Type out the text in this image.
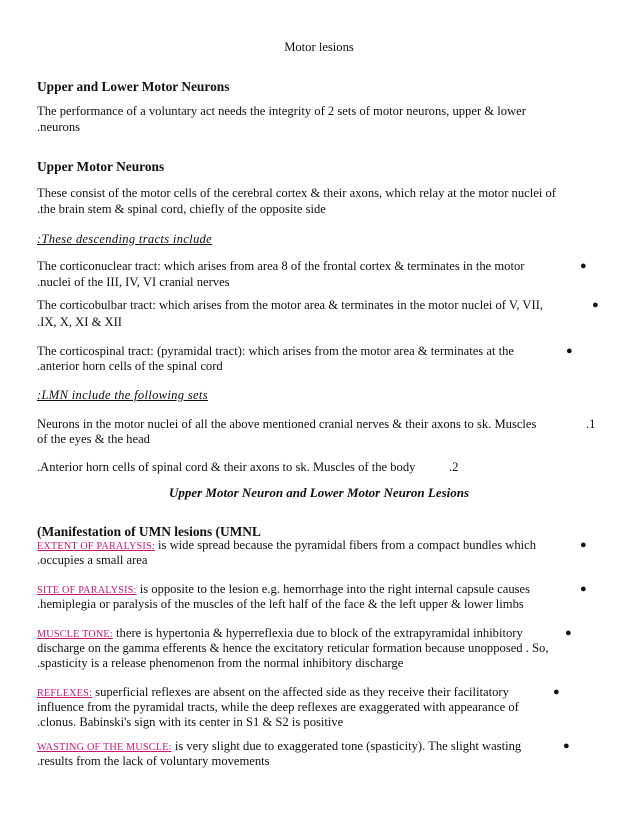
Motor lesions
Upper and Lower Motor Neurons
The performance of a voluntary act needs the integrity of 2 sets of motor neurons, upper & lower
.neurons
Upper Motor Neurons
These consist of the motor cells of the cerebral cortex & their axons, which relay at the motor nuclei of
.the brain stem & spinal cord, chiefly of the opposite side
:These descending tracts include
The corticonuclear tract: which arises from area 8 of the frontal cortex & terminates in the motor	●
.nuclei of the III, IV, VI cranial nerves
The corticobulbar tract: which arises from the motor area & terminates in the motor nuclei of V, VII,	●
.IX, X, XI & XII
The corticospinal tract: (pyramidal tract): which arises from the motor area & terminates at the	●
.anterior horn cells of the spinal cord
:LMN include the following sets
Neurons in the motor nuclei of all the above mentioned cranial nerves & their axons to sk. Muscles	.1
of the eyes & the head
.Anterior horn cells of spinal cord & their axons to sk. Muscles of the body	.2
Upper Motor Neuron and Lower Motor Neuron Lesions
(Manifestation of UMN lesions (UMNL
EXTENT OF PARALYSIS: is wide spread because the pyramidal fibers from a compact bundles which	●
.occupies a small area
SITE OF PARALYSIS: is opposite to the lesion e.g. hemorrhage into the right internal capsule causes	●
.hemiplegia or paralysis of the muscles of the left half of the face & the left upper & lower limbs
MUSCLE TONE: there is hypertonia & hyperreflexia due to block of the extrapyramidal inhibitory	●
discharge on the gamma efferents & hence the excitatory reticular formation because unopposed . So,
.spasticity is a release phenomenon from the normal inhibitory discharge
REFLEXES: superficial reflexes are absent on the affected side as they receive their facilitatory	●
influence from the pyramidal tracts, while the deep reflexes are exaggerated with appearance of
.clonus. Babinski's sign with its center in S1 & S2 is positive
WASTING OF THE MUSCLE: is very slight due to exaggerated tone (spasticity). The slight wasting	●
.results from the lack of voluntary movements
